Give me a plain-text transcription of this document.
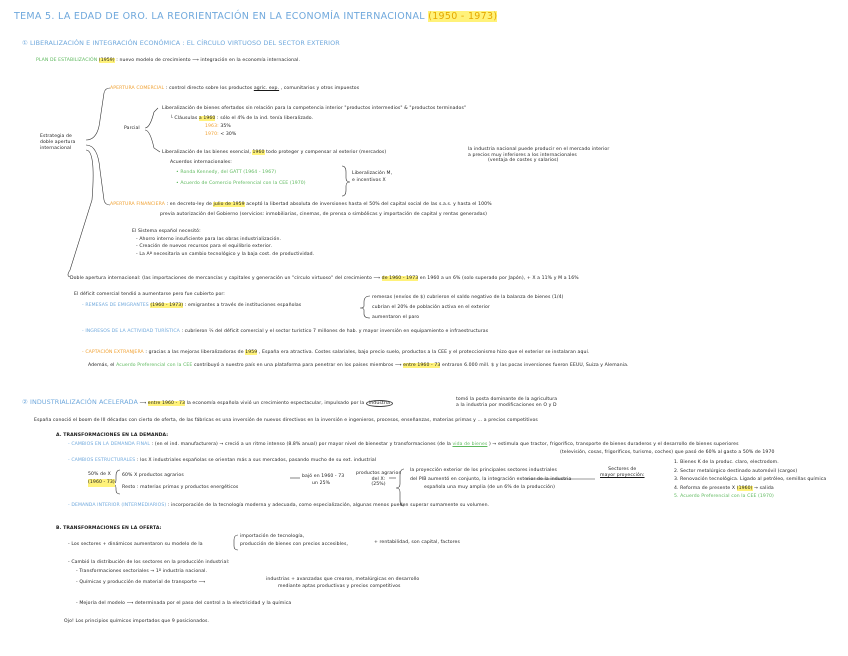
TEMA 5. LA EDAD DE ORO. LA REORIENTACIÓN EN LA ECONOMÍA INTERNACIONAL (1950 - 1973)
① LIBERALIZACIÓN E INTEGRACIÓN ECONÓMICA : EL CÍRCULO VIRTUOSO DEL SECTOR EXTERIOR
PLAN DE ESTABILIZACIÓN (1959) : nuevo modelo de crecimiento ⟶ integración en la economía internacional.
Estrategia de
doble apertura
internacional
APERTURA COMERCIAL : control directo sobre los productos agríc. exp. , comunitarios y otros impuestos
Parcial
Liberalización de bienes ofertados sin relación para la competencia interior "productos intermedios" & "productos terminados"
└ Cláusulas a 1960 : sólo el 4% de la ind. tenía liberalizado.
1963: 35%
1970: < 30%
Liberalización de las bienes esencial, 1960 todo proteger y compensar al exterior (mercados)
la industria nacional puede producir en el mercado interior
a precios muy inferiores a los internacionales
(ventaja de costes y salarios)
Acuerdos internacionales:
• Ronda Kennedy, del GATT (1964 - 1967)
• Acuerdo de Comercio Preferencial con la CEE (1970)
Liberalización M,
e incentivos X
APERTURA FINANCIERA : en decreto-ley de julio de 1959 aceptó la libertad absoluta de inversiones hasta el 50% del capital social de las s.a.s. y hasta el 100%
previa autorización del Gobierno (servicios: inmobiliarias, cinemas, de prensa o simbólicas y importación de capital y rentas generadas)
El Sistema español necesitó:
- Ahorro interno insuficiente para las obras industrialización.
- Creación de nuevos recursos para el equilibrio exterior.
- La Aª necesitaría un cambio tecnológico y la baja cost. de productividad.
Doble apertura internacional: (las importaciones de mercancías y capitales y generación un "círculo virtuoso" del crecimiento ⟶ de 1960 - 1973 en 1960 a un 6% (solo superado por Japón), + X a 11% y M a 16%
El déficit comercial tendió a aumentarse pero fue cubierto por:
- REMESAS DE EMIGRANTES (1960 - 1973) : emigrantes a través de instituciones españolas
remesas (envíos de $) cubrieron el saldo negativo de la balanza de bienes (1/4)
cubrían el 20% de población activa en el exterior
aumentaron el paro
- INGRESOS DE LA ACTIVIDAD TURÍSTICA : cubrieron ⅔ del déficit comercial y el sector turístico 7 millones de hab. y mayor inversión en equipamiento e infraestructuras
- CAPTACIÓN EXTRANJERA : gracias a las mejoras liberalizadoras de 1959 , España era atractiva. Costes salariales, bajo precio suelo, productos a la CEE y el proteccionismo hizo que el exterior se instalaran aquí.
Además, el Acuerdo Preferencial con la CEE contribuyó a nuestro país en una plataforma para penetrar en los países miembros ⟶ entre 1960 - 73 entraron 6.000 mill. $ y las pocas inversiones fueron EEUU, Suiza y Alemania.
② INDUSTRIALIZACIÓN ACELERADA ⟶ entre 1960 - 73 la economía española vivió un crecimiento espectacular, impulsado por la industria
tomó la posta dominante de la agricultura
a la industria por modificaciones en O y D
España conoció el boom de III décadas con cierto de oferta, de las fábricas es una inversión de nuevos directivos en la inversión e ingenieros, procesos, enseñanzas, materias primas y ... a precios competitivos
A. TRANSFORMACIONES EN LA DEMANDA:
- CAMBIOS EN LA DEMANDA FINAL : (en el ind. manufacturera) → creció a un ritmo intenso (8.8% anual) por mayor nivel de bienestar y transformaciones (de la vida de bienes ) → estimula que tractor, frigorífico, transporte de bienes duraderos y el desarrollo de bienes superiores
(televisión, cosas, frigoríficos, turismo, coches) que pasó de 60% al gasto a 50% de 1970
- CAMBIOS ESTRUCTURALES : los X industriales españolas se orientan más a sus mercados, pasando mucho de su ext. industrial
50% de X
(1960 - 73)
60% X productos agrarios
Resto : materias primas y productos energéticos
bajó en 1960 - 73
un 25%
productos agrarios
del X:
(25%)
la proyección exterior de los principales sectores industriales
del PIB aumentó en conjunto, la integración exterior de la industria
española una muy amplia (de un 6% de la producción)
Sectores de
mayor proyección:
1. Bienes K de la produc. claro, electrodom.
2. Sector metalúrgico destinado automóvil (cargos)
3. Renovación tecnológica. Ligado al petróleo, semillas química
4. Reforma de presente X (1960) → salida
5. Acuerdo Preferencial con la CEE (1970)
- DEMANDA INTERIOR (INTERMEDIARIOS) : incorporación de la tecnología moderna y adecuada, como especialización, algunas menos pueden superar sumamente su volumen.
B. TRANSFORMACIONES EN LA OFERTA:
- Los sectores + dinámicos aumentaron su modelo de la
importación de tecnología,
producción de bienes con precios accesibles,	+ rentabilidad, son capital, factores
- Cambió la distribución de los sectores en la producción industrial:
- Transformaciones sectoriales → 1º industria nacional.
- Químicas y producción de material de transporte ⟶
industrias + avanzadas que crearon, metalúrgicas en desarrollo
mediante aptas productivas y precios competitivos
- Mejoría del modelo ⟶ determinada por el paso del control a la electricidad y la química
Ojo! Los principios químicos importados que 9 posicionados.
